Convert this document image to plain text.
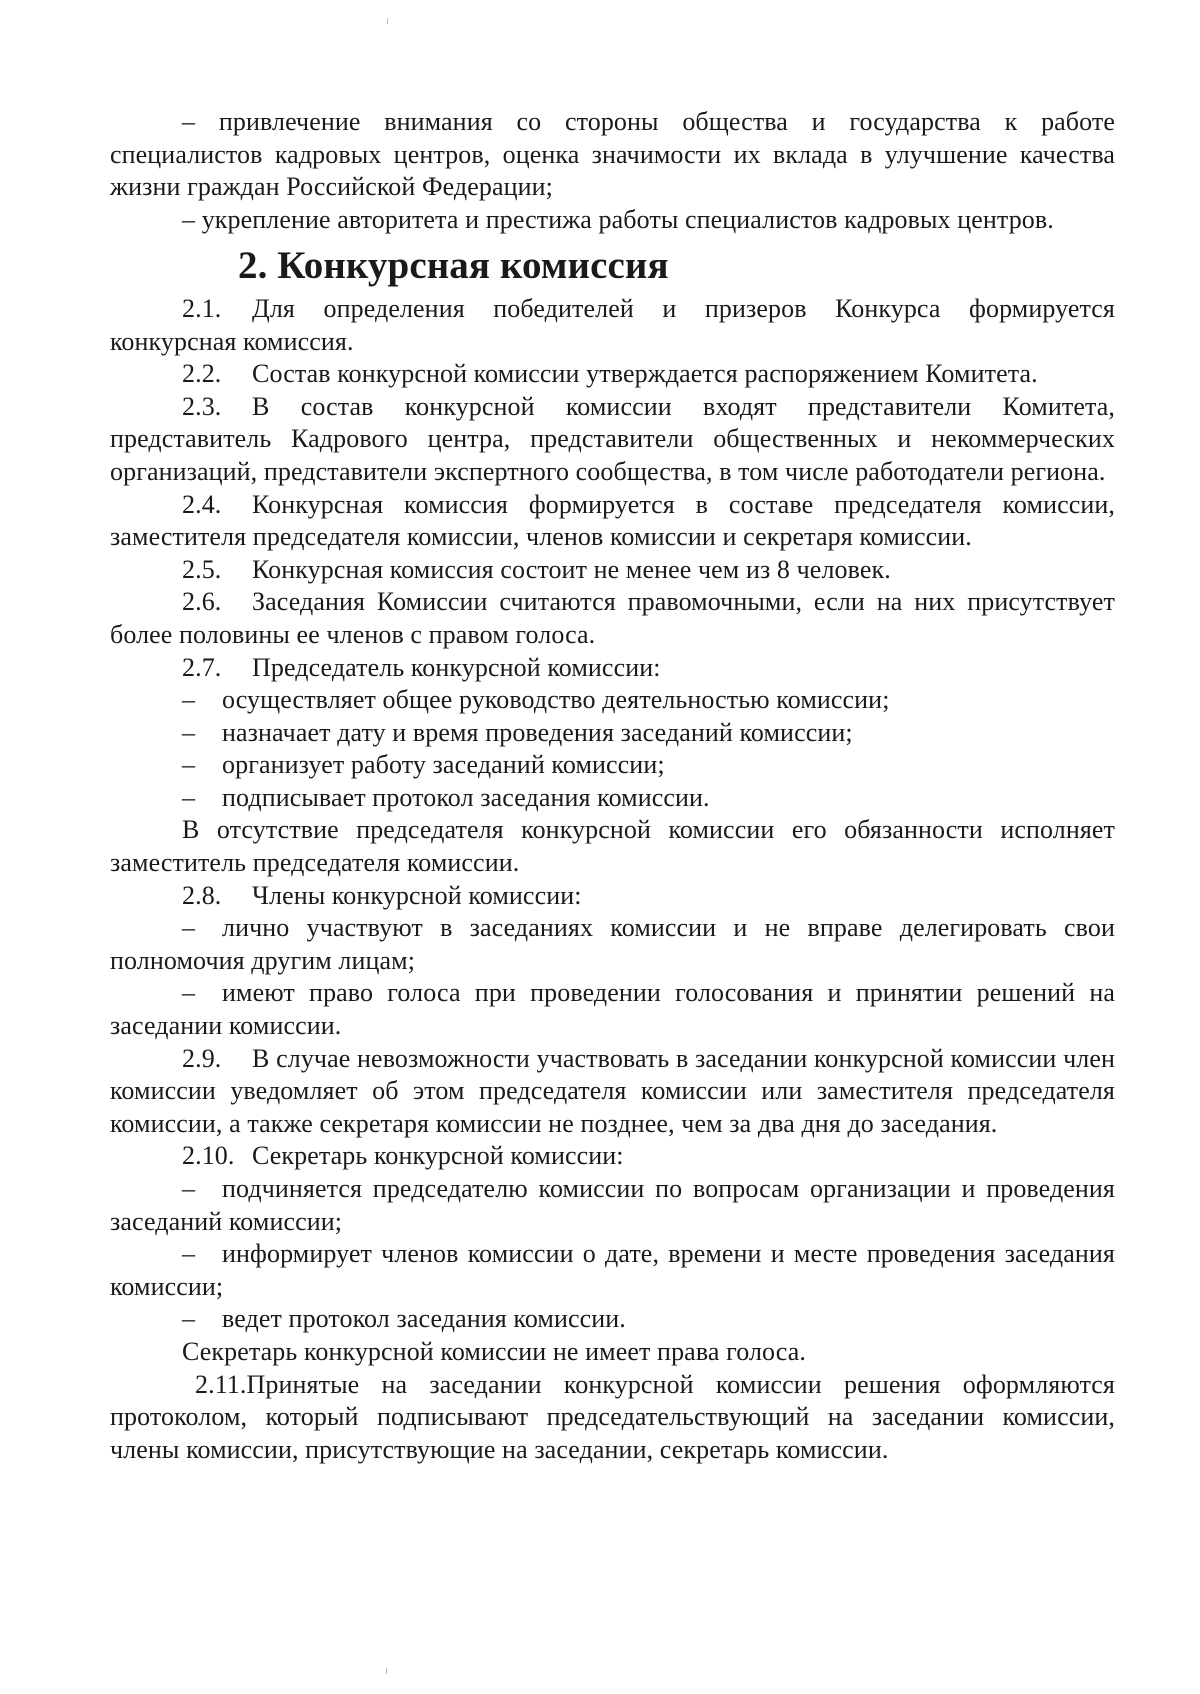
– привлечение внимания со стороны общества и государства к работе специалистов кадровых центров, оценка значимости их вклада в улучшение качества жизни граждан Российской Федерации;

– укрепление авторитета и престижа работы специалистов кадровых центров.

2. Конкурсная комиссия

2.1. Для определения победителей и призеров Конкурса формируется конкурсная комиссия.

2.2. Состав конкурсной комиссии утверждается распоряжением Комитета.

2.3. В состав конкурсной комиссии входят представители Комитета, представитель Кадрового центра, представители общественных и некоммерческих организаций, представители экспертного сообщества, в том числе работодатели региона.

2.4. Конкурсная комиссия формируется в составе председателя комиссии, заместителя председателя комиссии, членов комиссии и секретаря комиссии.

2.5. Конкурсная комиссия состоит не менее чем из 8 человек.

2.6. Заседания Комиссии считаются правомочными, если на них присутствует более половины ее членов с правом голоса.

2.7. Председатель конкурсной комиссии:

– осуществляет общее руководство деятельностью комиссии;

– назначает дату и время проведения заседаний комиссии;

– организует работу заседаний комиссии;

– подписывает протокол заседания комиссии.

В отсутствие председателя конкурсной комиссии его обязанности исполняет заместитель председателя комиссии.

2.8. Члены конкурсной комиссии:

– лично участвуют в заседаниях комиссии и не вправе делегировать свои полномочия другим лицам;

– имеют право голоса при проведении голосования и принятии решений на заседании комиссии.

2.9. В случае невозможности участвовать в заседании конкурсной комиссии член комиссии уведомляет об этом председателя комиссии или заместителя председателя комиссии, а также секретаря комиссии не позднее, чем за два дня до заседания.

2.10. Секретарь конкурсной комиссии:

– подчиняется председателю комиссии по вопросам организации и проведения заседаний комиссии;

– информирует членов комиссии о дате, времени и месте проведения заседания комиссии;

– ведет протокол заседания комиссии.

Секретарь конкурсной комиссии не имеет права голоса.

2.11.Принятые на заседании конкурсной комиссии решения оформляются протоколом, который подписывают председательствующий на заседании комиссии, члены комиссии, присутствующие на заседании, секретарь комиссии.
